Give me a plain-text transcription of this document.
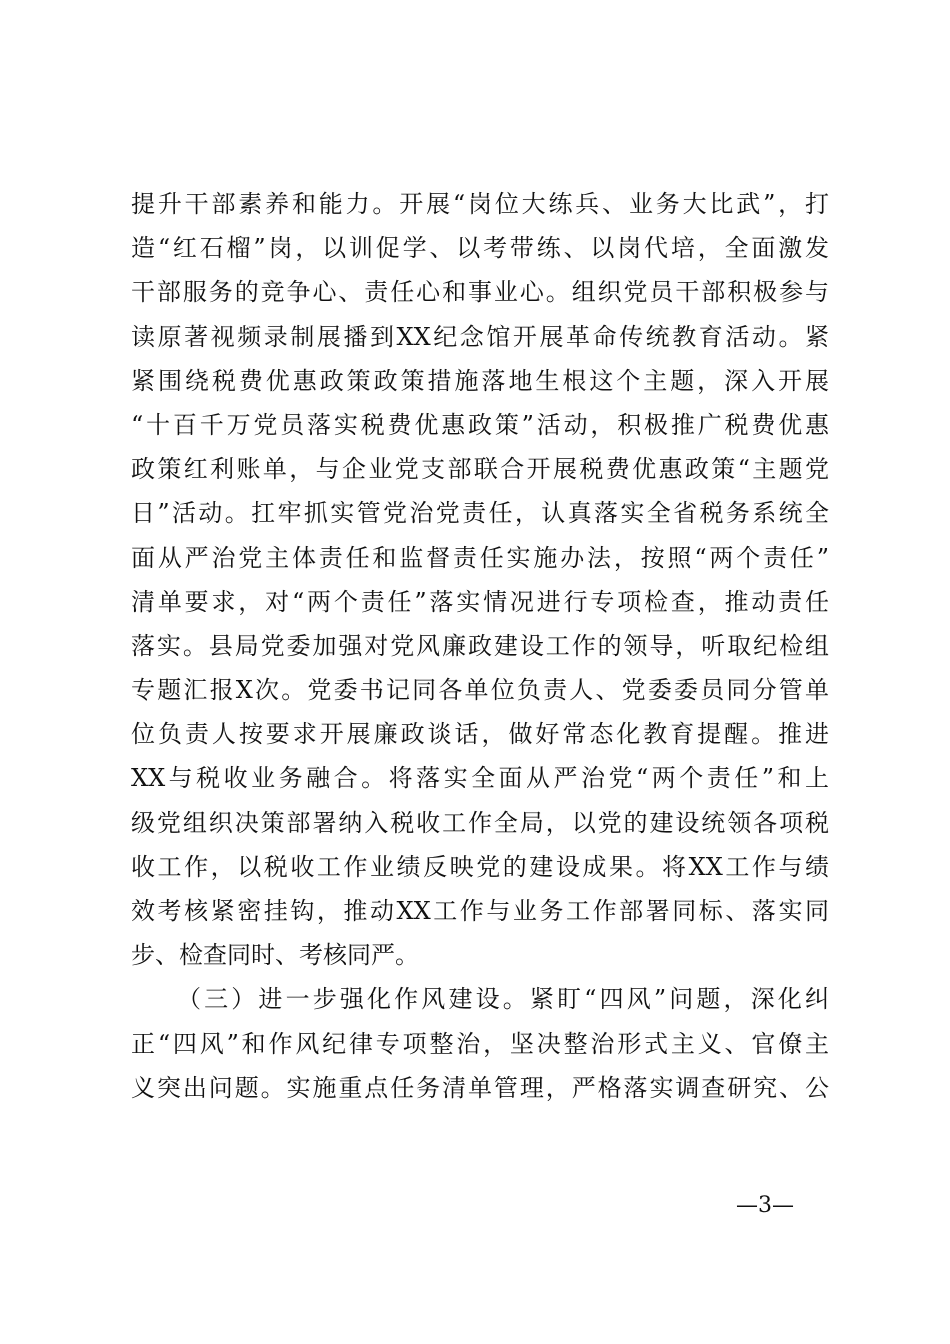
提升干部素养和能力。开展“岗位大练兵、业务大比武”，打
造“红石榴”岗，以训促学、以考带练、以岗代培，全面激发
干部服务的竞争心、责任心和事业心。组织党员干部积极参与
读原著视频录制展播到XX纪念馆开展革命传统教育活动。紧
紧围绕税费优惠政策政策措施落地生根这个主题，深入开展
“十百千万党员落实税费优惠政策”活动，积极推广税费优惠
政策红利账单，与企业党支部联合开展税费优惠政策“主题党
日”活动。扛牢抓实管党治党责任，认真落实全省税务系统全
面从严治党主体责任和监督责任实施办法，按照“两个责任”
清单要求，对“两个责任”落实情况进行专项检查，推动责任
落实。县局党委加强对党风廉政建设工作的领导，听取纪检组
专题汇报X次。党委书记同各单位负责人、党委委员同分管单
位负责人按要求开展廉政谈话，做好常态化教育提醒。推进
XX与税收业务融合。将落实全面从严治党“两个责任”和上
级党组织决策部署纳入税收工作全局，以党的建设统领各项税
收工作，以税收工作业绩反映党的建设成果。将XX工作与绩
效考核紧密挂钩，推动XX工作与业务工作部署同标、落实同
步、检查同时、考核同严。
（三）进一步强化作风建设。紧盯“四风”问题，深化纠
正“四风”和作风纪律专项整治，坚决整治形式主义、官僚主
义突出问题。实施重点任务清单管理，严格落实调查研究、公
—3—
